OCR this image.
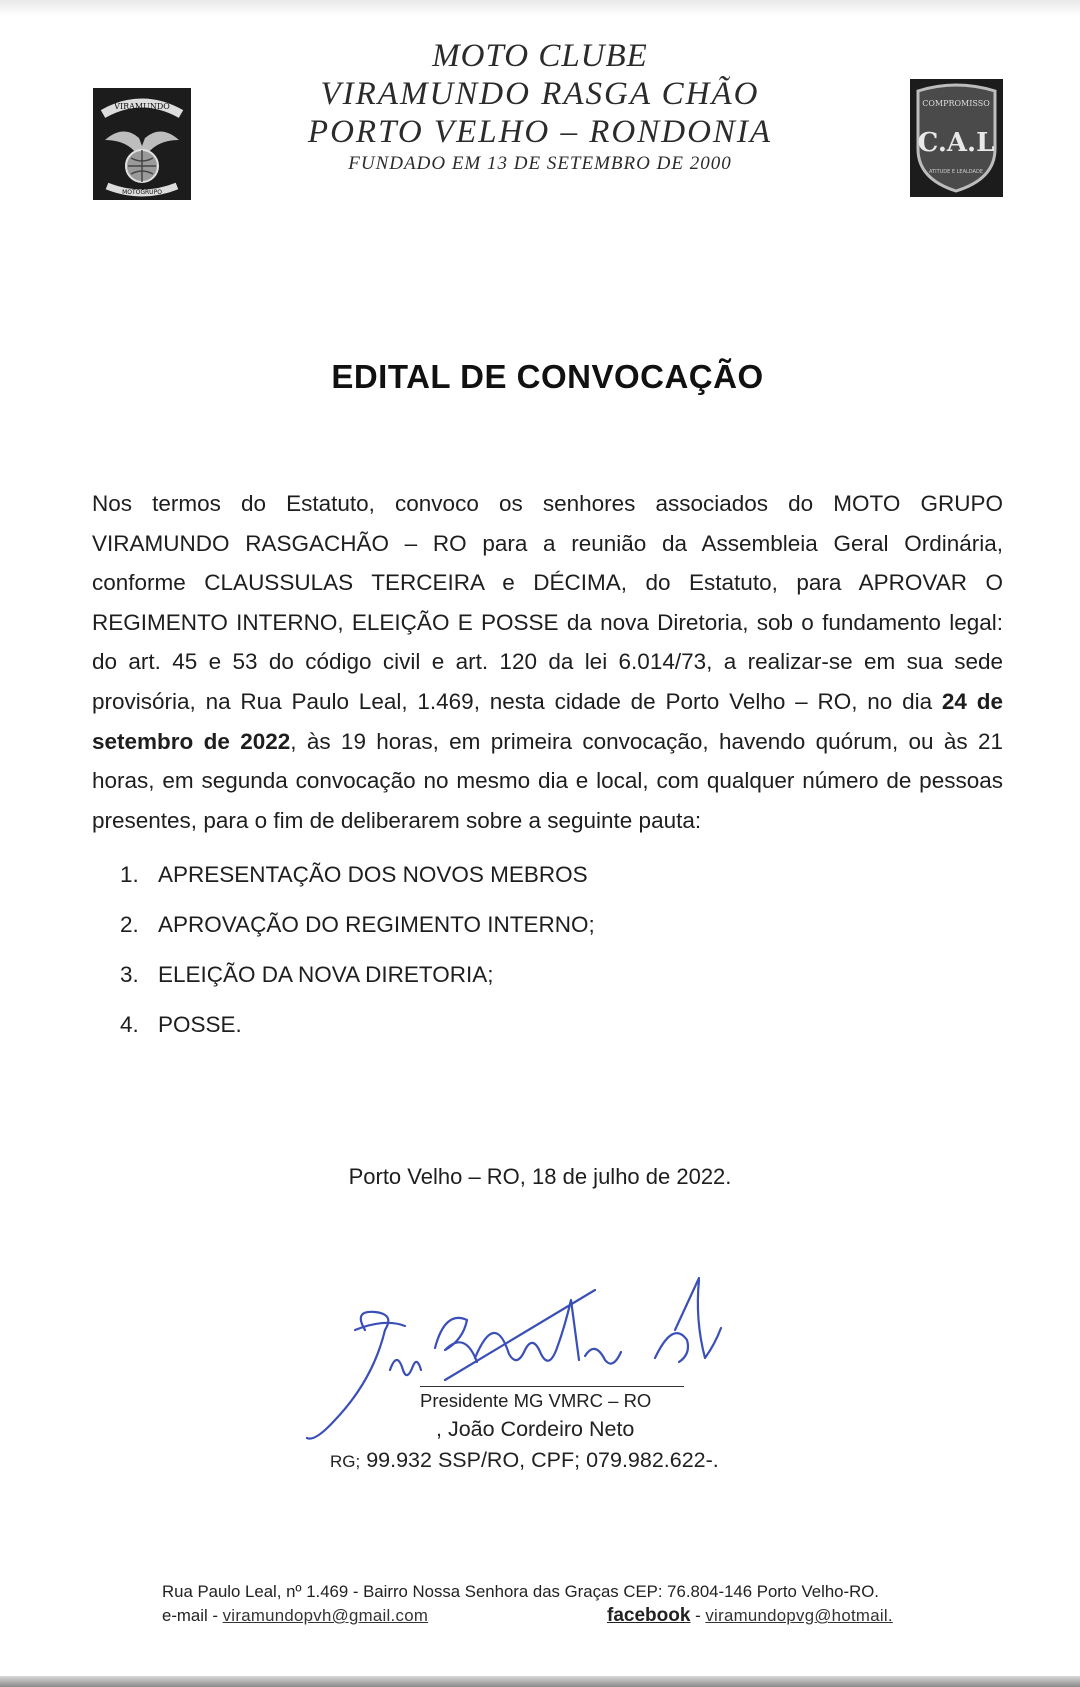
VIRAMUNDO
MOTOGRUPO
MOTO CLUBE
VIRAMUNDO RASGA CHÃO
PORTO VELHO – RONDONIA
FUNDADO EM 13 DE SETEMBRO DE 2000
COMPROMISSO
C.A.L
ATITUDE E LEALDADE
EDITAL DE CONVOCAÇÃO
Nos termos do Estatuto, convoco os senhores associados do MOTO GRUPO VIRAMUNDO RASGACHÃO – RO para a reunião da Assembleia Geral Ordinária, conforme CLAUSSULAS TERCEIRA e DÉCIMA, do Estatuto, para APROVAR O REGIMENTO INTERNO, ELEIÇÃO E POSSE da nova Diretoria, sob o fundamento legal: do art. 45 e 53 do código civil e art. 120 da lei 6.014/73, a realizar-se em sua sede provisória, na Rua Paulo Leal, 1.469, nesta cidade de Porto Velho – RO, no dia 24 de setembro de 2022, às 19 horas, em primeira convocação, havendo quórum, ou às 21 horas, em segunda convocação no mesmo dia e local, com qualquer número de pessoas presentes, para o fim de deliberarem sobre a seguinte pauta:
1. APRESENTAÇÃO DOS NOVOS MEBROS
2. APROVAÇÃO DO REGIMENTO INTERNO;
3. ELEIÇÃO DA NOVA DIRETORIA;
4. POSSE.
Porto Velho – RO, 18 de julho de 2022.
Presidente MG VMRC – RO
, João Cordeiro Neto
RG; 99.932 SSP/RO, CPF; 079.982.622-.
Rua Paulo Leal, nº 1.469 - Bairro Nossa Senhora das Graças CEP: 76.804-146 Porto Velho-RO.
e-mail - viramundopvh@gmail.com	facebook - viramundopvg@hotmail.
